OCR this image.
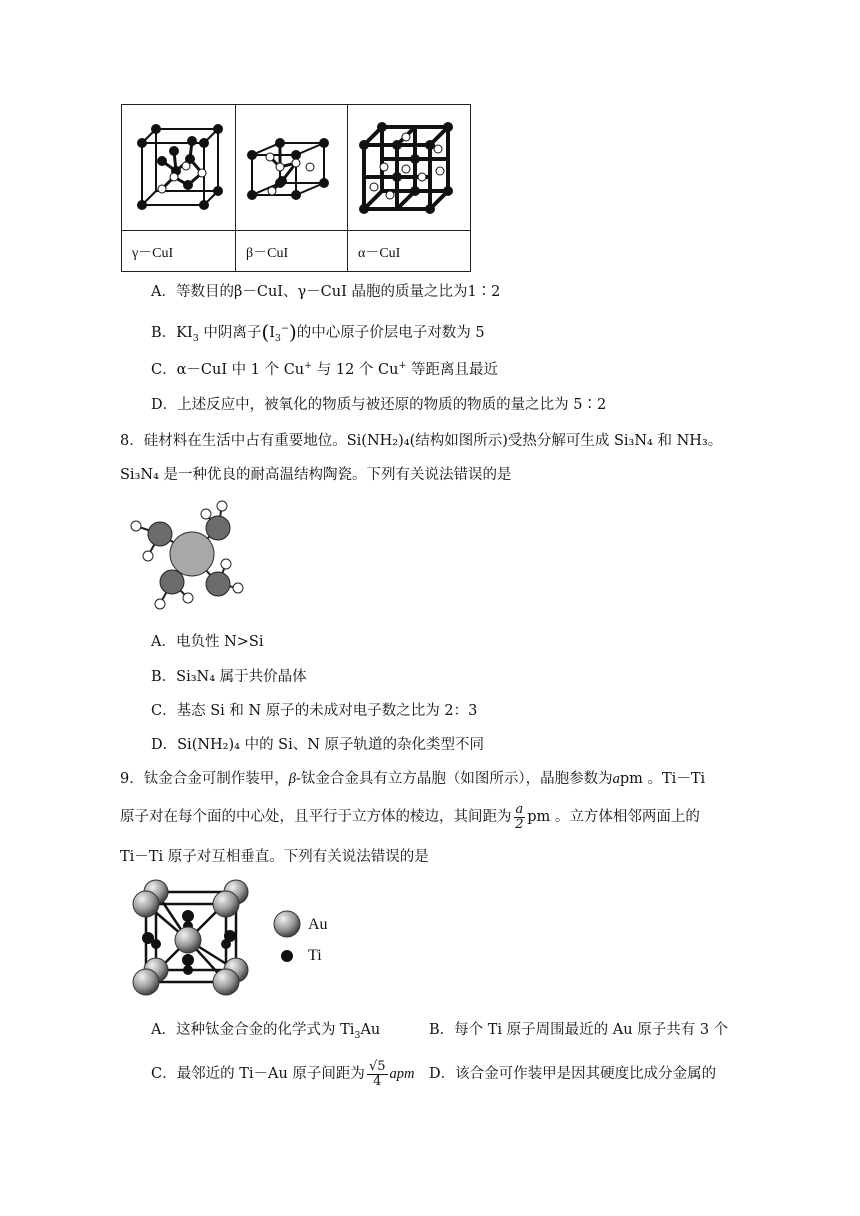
γ－CuI	β－CuI	α－CuI
A．等数目的β－CuI、γ－CuI 晶胞的质量之比为1∶2
B．$KI_3$ 中阴离子$(I_3^-)$的中心原子价层电子对数为 5
C．α－CuI 中 1 个 Cu+ 与 12 个 Cu+ 等距离且最近
D．上述反应中，被氧化的物质与被还原的物质的物质的量之比为 5∶2
8．硅材料在生活中占有重要地位。Si(NH₂)₄(结构如图所示)受热分解可生成 Si₃N₄ 和 NH₃。
Si₃N₄ 是一种优良的耐高温结构陶瓷。下列有关说法错误的是
A．电负性 N>Si
B．Si₃N₄ 属于共价晶体
C．基态 Si 和 N 原子的未成对电子数之比为 2：3
D．Si(NH₂)₄ 中的 Si、N 原子轨道的杂化类型不同
9．钛金合金可制作装甲，β-钛金合金具有立方晶胞（如图所示），晶胞参数为apm 。Ti－Ti
原子对在每个面的中心处，且平行于立方体的棱边，其间距为 $\frac{a}{2}$ pm 。立方体相邻两面上的
Ti－Ti 原子对互相垂直。下列有关说法错误的是
Au
Ti
A．这种钛金合金的化学式为 $Ti_3Au$	B．每个 Ti 原子周围最近的 Au 原子共有 3 个
C．最邻近的 Ti－Au 原子间距为 $\frac{√5}{4}$ apm D．该合金可作装甲是因其硬度比成分金属的
